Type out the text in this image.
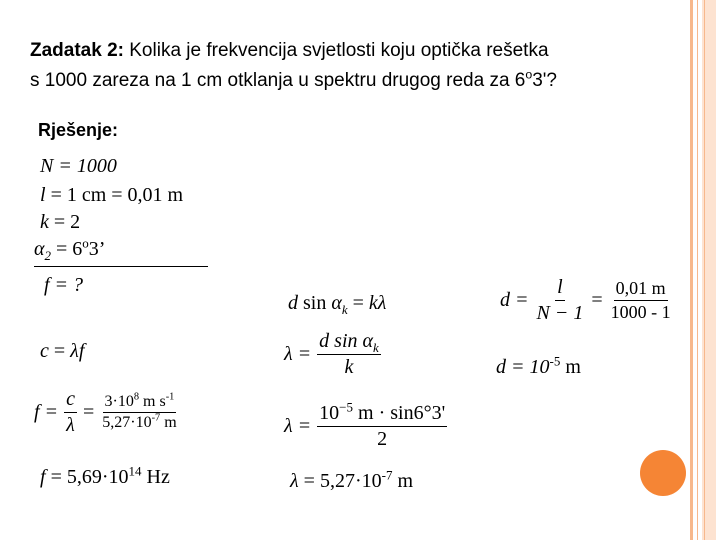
Zadatak 2: Kolika je frekvencija svjetlosti koju optička rešetka
s 1000 zareza na 1 cm otklanja u spektru drugog reda za 6$^o$3'?
Rješenje:
N = 1000
l = 1 cm = 0,01 m
k = 2
$\alpha_2 = 6^o3$’
f = ?
d $\sin \alpha_k = k\lambda$	$d = \frac{l}{N - 1} = \frac{0,01 m}{1000 - 1}$
c = λf	$\lambda = \frac{d \sin \alpha_k}{k}$	$d = 10^{-5}$ m
$f = \frac{c}{\lambda} = \frac{3\cdot 10^8 m s^{-1}}{5,27\cdot 10^{-7} m}$	$\lambda = \frac{10^{-5} m \cdot \sin 6^\circ 3'}{2}$
$f = 5,69\cdot 10^{14}$ Hz	$\lambda = 5,27\cdot 10^{-7}$ m
